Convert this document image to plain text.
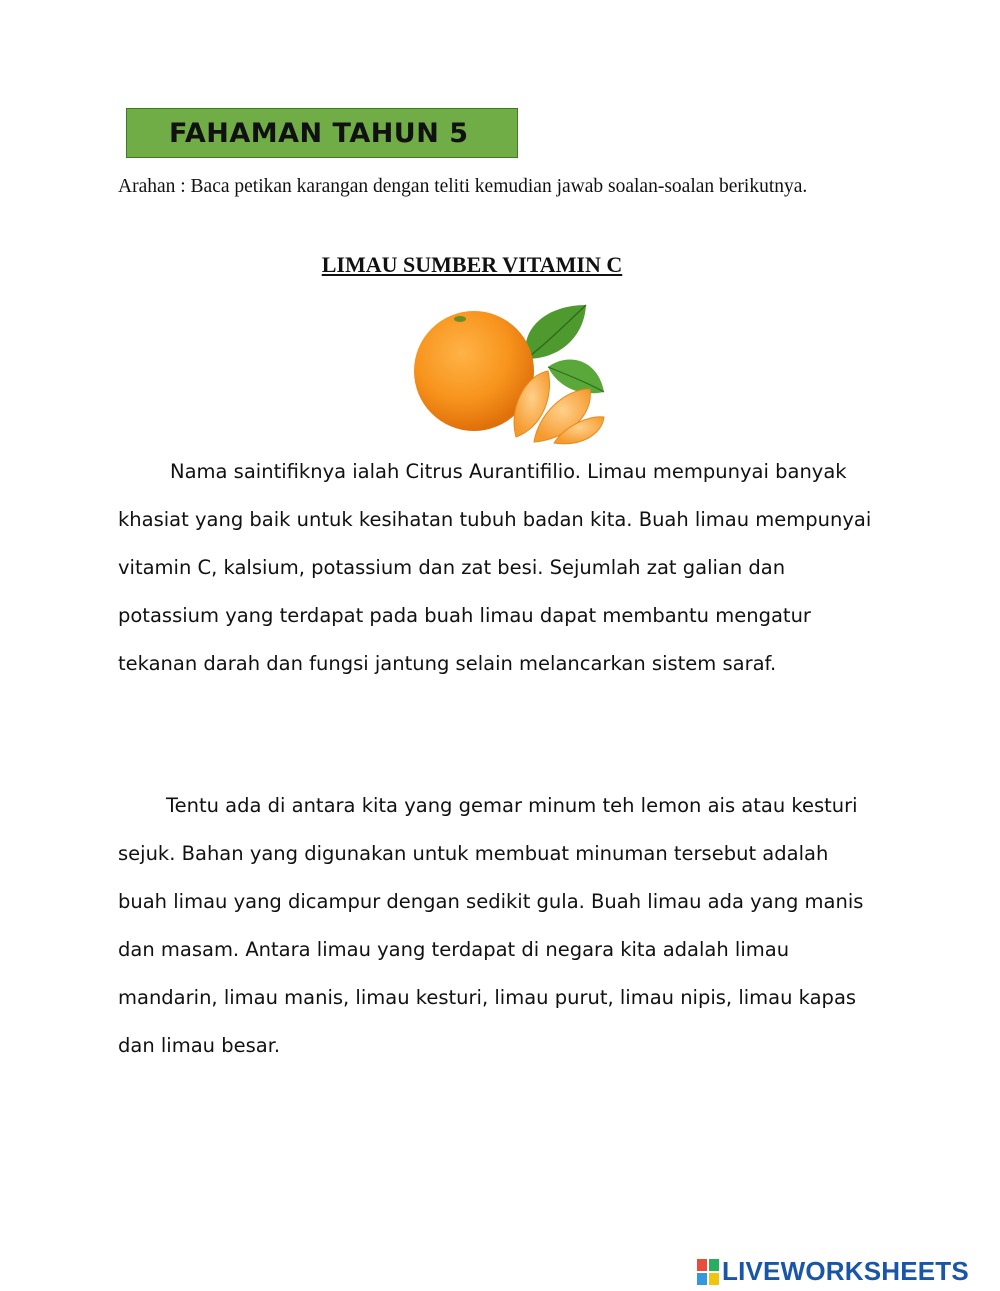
FAHAMAN TAHUN 5
Arahan : Baca petikan karangan dengan teliti kemudian jawab soalan-soalan berikutnya.
LIMAU SUMBER VITAMIN C

Nama saintifiknya ialah Citrus Aurantifilio. Limau mempunyai banyak khasiat yang baik untuk kesihatan tubuh badan kita. Buah limau mempunyai vitamin C, kalsium, potassium dan zat besi. Sejumlah zat galian dan potassium yang terdapat pada buah limau dapat membantu mengatur tekanan darah dan fungsi jantung selain melancarkan sistem saraf.

Tentu ada di antara kita yang gemar minum teh lemon ais atau kesturi sejuk. Bahan yang digunakan untuk membuat minuman tersebut adalah buah limau yang dicampur dengan sedikit gula. Buah limau ada yang manis dan masam. Antara limau yang terdapat di negara kita adalah limau mandarin, limau manis, limau kesturi, limau purut, limau nipis, limau kapas dan limau besar.

LIVEWORKSHEETS
